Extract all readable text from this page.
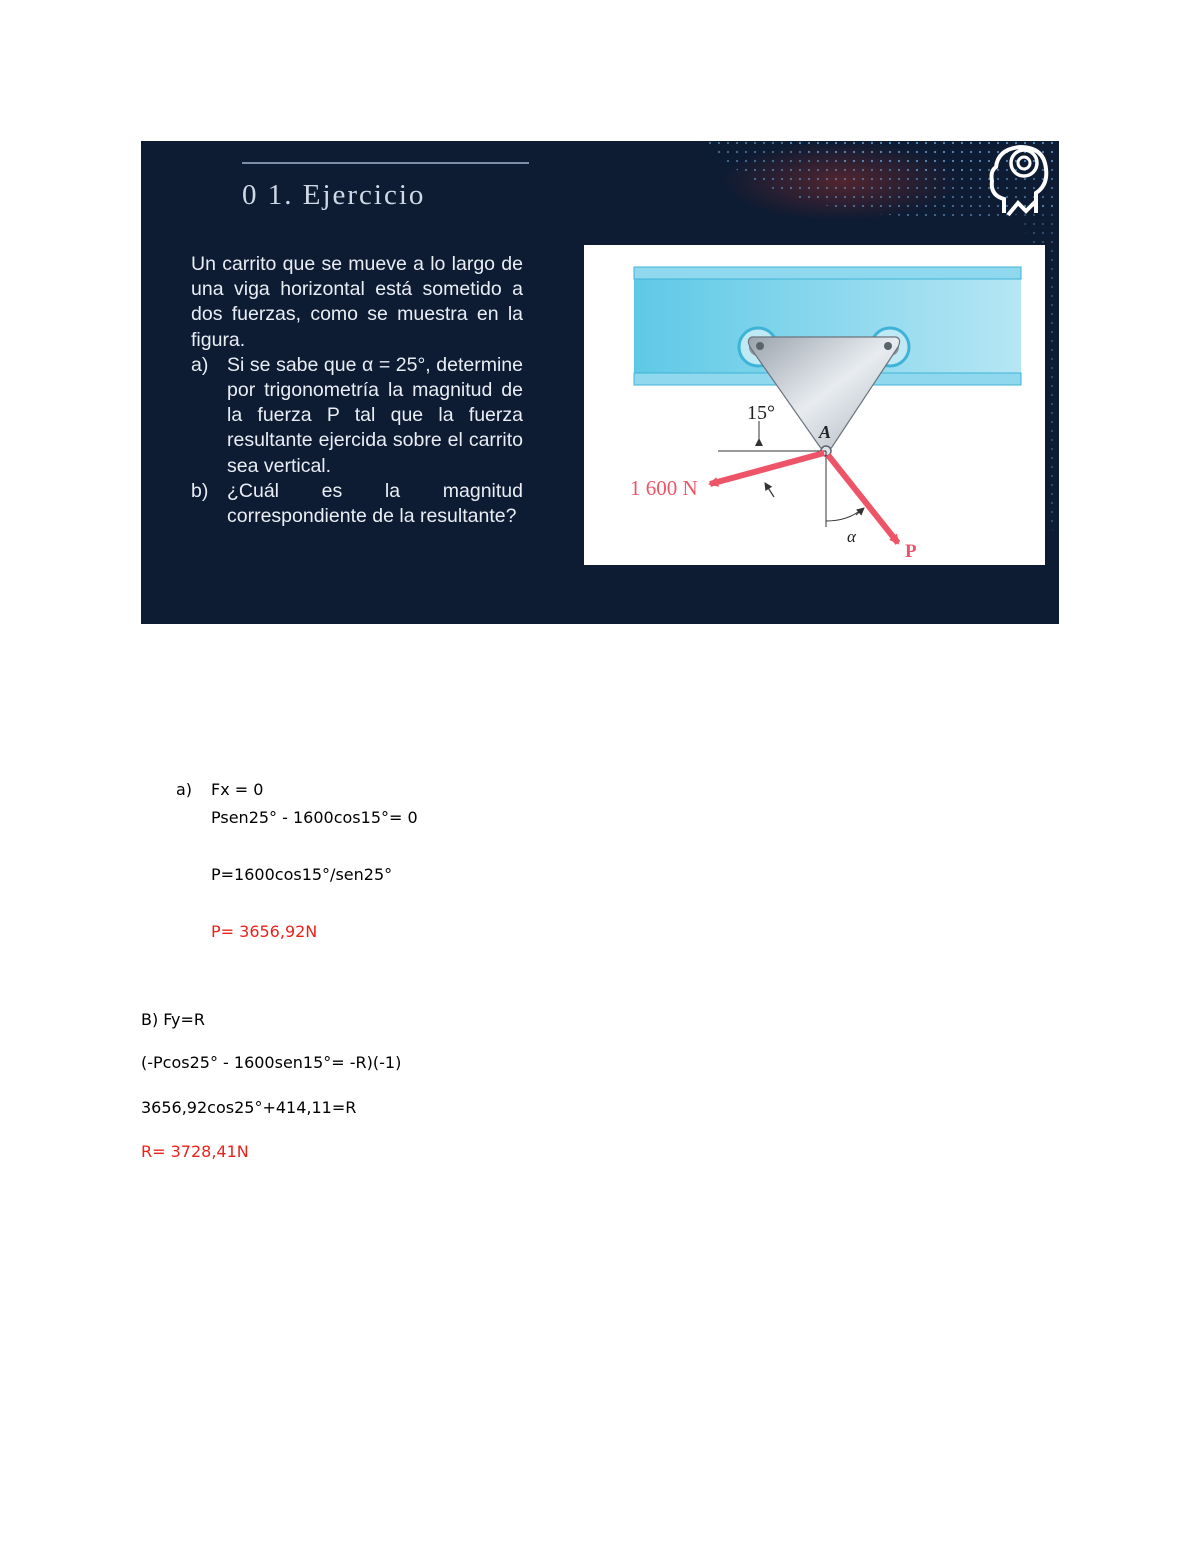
0 1. Ejercicio
Un carrito que se mueve a lo largo de una viga horizontal está sometido a dos fuerzas, como se muestra en la figura.
a) Si se sabe que α = 25°, determine por trigonometría la magnitud de la fuerza P tal que la fuerza resultante ejercida sobre el carrito sea vertical.
b) ¿Cuál es la magnitud correspondiente de la resultante?
15°
A
1 600 N
α
P
a) Fx = 0
Psen25° - 1600cos15°= 0
P=1600cos15°/sen25°
P= 3656,92N
B) Fy=R
(-Pcos25° - 1600sen15°= -R)(-1)
3656,92cos25°+414,11=R
R= 3728,41N
